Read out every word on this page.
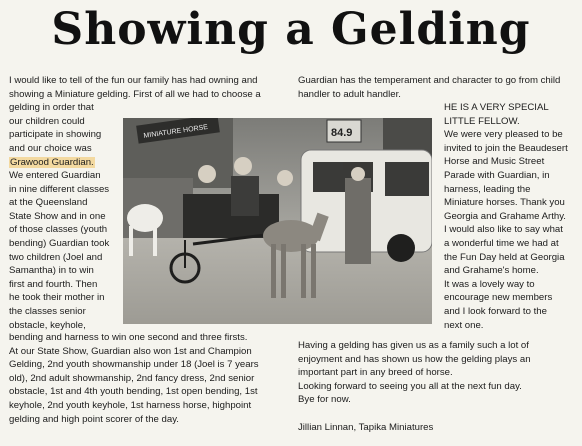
Showing a Gelding
I would like to tell of the fun our family has had owning and
showing a Miniature gelding. First of all we had to choose a
gelding in order that
our children could
participate in showing
and our choice was
Grawood Guardian.
We entered Guardian
in nine different classes
at the Queensland
State Show and in one
of those classes (youth
bending) Guardian took
two children (Joel and
Samantha) in to win
first and fourth. Then
he took their mother in
the classes senior
obstacle, keyhole,
bending and harness to win one second and three firsts.
At our State Show, Guardian also won 1st and Champion
Gelding, 2nd youth showmanship under 18 (Joel is 7 years
old), 2nd adult showmanship, 2nd fancy dress, 2nd senior
obstacle, 1st and 4th youth bending, 1st open bending, 1st
keyhole, 2nd youth keyhole, 1st harness horse, highpoint
gelding and high point scorer of the day.
Guardian has the temperament and character to go from child
handler to adult handler.
HE IS A VERY SPECIAL
LITTLE FELLOW.
We were very pleased to be
invited to join the Beaudesert
Horse and Music Street
Parade with Guardian, in
harness, leading the
Miniature horses. Thank you
Georgia and Grahame Arthy.
I would also like to say what
a wonderful time we had at
the Fun Day held at Georgia
and Grahame's home.
It was a lovely way to
encourage new members
and I look forward to the
next one.
Having a gelding has given us as a family such a lot of
enjoyment and has shown us how the gelding plays an
important part in any breed of horse.
Looking forward to seeing you all at the next fun day.
Bye for now.
Jillian Linnan, Tapika Miniatures
MINIATURE HORSE	84.9
